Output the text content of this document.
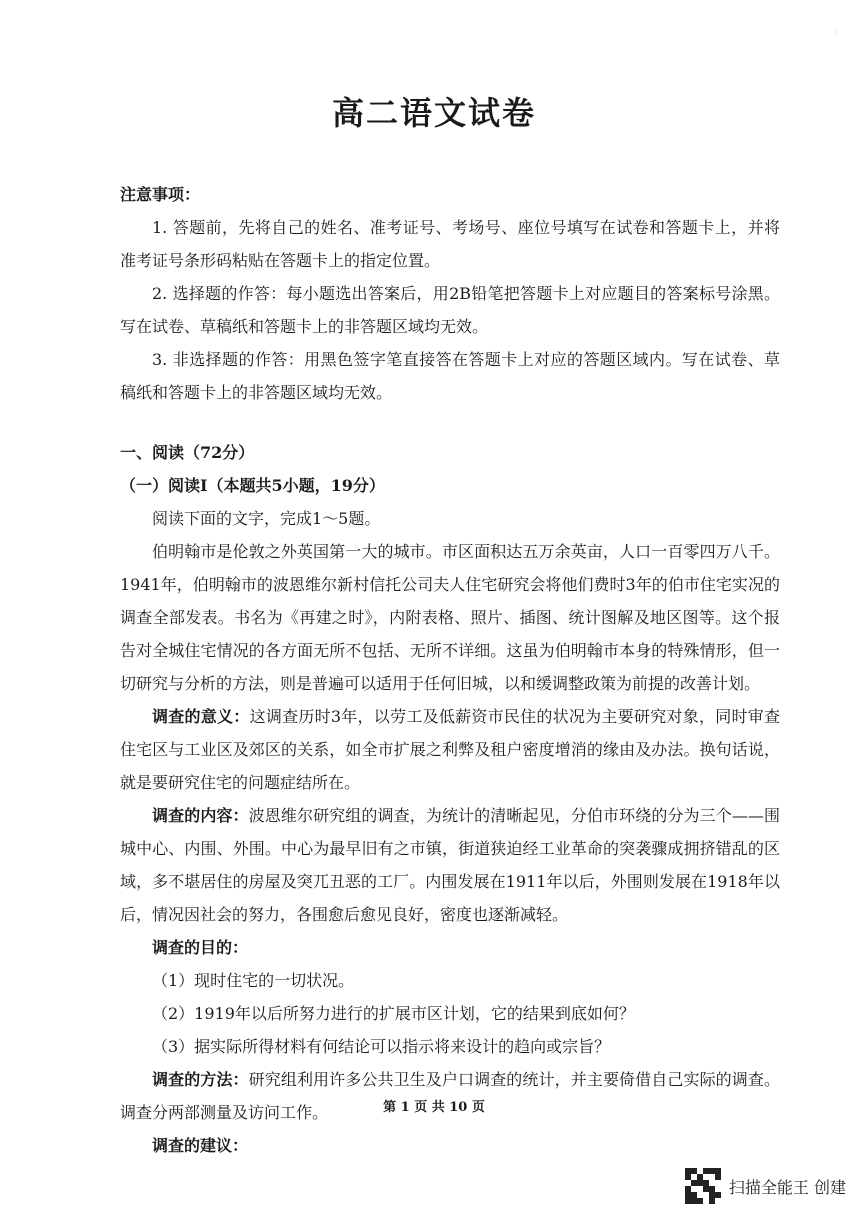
·
高二语文试卷

注意事项：

1. 答题前，先将自己的姓名、准考证号、考场号、座位号填写在试卷和答题卡上，并将准考证号条形码粘贴在答题卡上的指定位置。

2. 选择题的作答：每小题选出答案后，用2B铅笔把答题卡上对应题目的答案标号涂黑。写在试卷、草稿纸和答题卡上的非答题区域均无效。

3. 非选择题的作答：用黑色签字笔直接答在答题卡上对应的答题区域内。写在试卷、草稿纸和答题卡上的非答题区域均无效。

一、阅读（72分）

（一）阅读Ⅰ（本题共5小题，19分）

阅读下面的文字，完成1～5题。

伯明翰市是伦敦之外英国第一大的城市。市区面积达五万余英亩，人口一百零四万八千。1941年，伯明翰市的波恩维尔新村信托公司夫人住宅研究会将他们费时3年的伯市住宅实况的调查全部发表。书名为《再建之时》，内附表格、照片、插图、统计图解及地区图等。这个报告对全城住宅情况的各方面无所不包括、无所不详细。这虽为伯明翰市本身的特殊情形，但一切研究与分析的方法，则是普遍可以适用于任何旧城，以和缓调整政策为前提的改善计划。

调查的意义：这调查历时3年，以劳工及低薪资市民住的状况为主要研究对象，同时审查住宅区与工业区及郊区的关系，如全市扩展之利弊及租户密度增消的缘由及办法。换句话说，就是要研究住宅的问题症结所在。

调查的内容：波恩维尔研究组的调查，为统计的清晰起见，分伯市环绕的分为三个——围城中心、内围、外围。中心为最早旧有之市镇，街道狭迫经工业革命的突袭骤成拥挤错乱的区域，多不堪居住的房屋及突兀丑恶的工厂。内围发展在1911年以后，外围则发展在1918年以后，情况因社会的努力，各围愈后愈见良好，密度也逐渐减轻。

调查的目的：

（1）现时住宅的一切状况。

（2）1919年以后所努力进行的扩展市区计划，它的结果到底如何？

（3）据实际所得材料有何结论可以指示将来设计的趋向或宗旨？

调查的方法：研究组利用许多公共卫生及户口调查的统计，并主要倚借自己实际的调查。调查分两部测量及访问工作。

调查的建议：

第 1 页 共 10 页
扫描全能王 创建
